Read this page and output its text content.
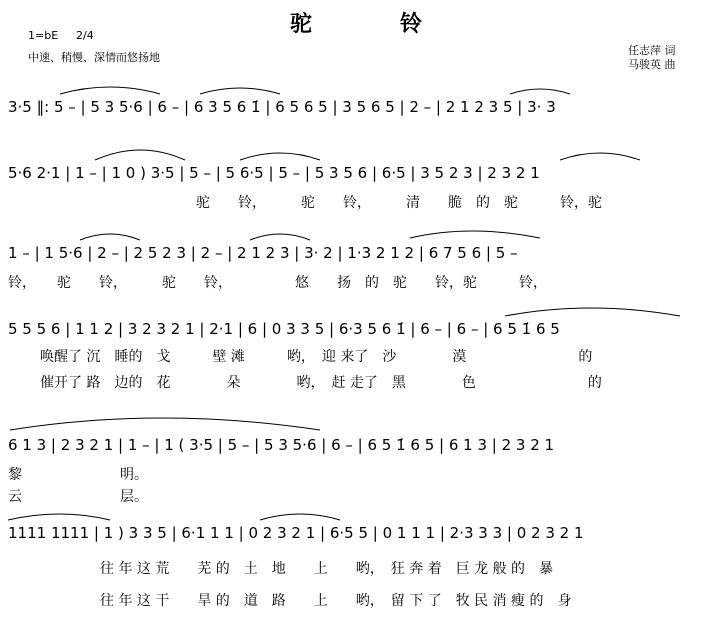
驼	铃
1=bE 2/4
中速、稍慢、深情而悠扬地
任志萍 词
马骏英 曲
3·5 ‖: 5 – | 5 3 5·6 | 6 – | 6 3 5 6 1̇ | 6 5 6 5 | 3 5 6 5 | 2 – | 2 1 2 3 5 | 3· 3
5·6 2·1 | 1 – | 1 0 ) 3·5 | 5 – | 5 6·5 | 5 – | 5 3 5 6 | 6·5 | 3 5 2 3 | 2 3 2 1
驼　　铃，　　　驼　　铃，　　　清　　脆　的　驼　　　铃，驼
1 – | 1 5·6 | 2 – | 2 5 2 3 | 2 – | 2 1 2 3 | 3· 2 | 1·3 2 1 2 | 6 7 5 6 | 5 –
铃，　　驼　　铃，　　　驼　　铃，　　　　　悠　　扬　的　驼　　铃，驼　　　铃，
5 5 5 6 | 1 1 2 | 3 2 3 2 1 | 2·1 | 6 | 0 3 3 5 | 6·3 5 6 1̇ | 6 – | 6 – | 6 5 1̇ 6 5
唤醒了 沉　睡的　戈　　　壁 滩　　　哟，　迎 来了　沙　　　　漠　　　　　　　　的
催开了 路　边的　花　　　　朵　　　　哟，　赶 走了　黑　　　　色　　　　　　　　的
6 1 3 | 2 3 2 1 | 1 – | 1 ( 3·5 | 5 – | 5 3 5·6 | 6 – | 6 5 1̇ 6 5 | 6 1 3 | 2 3 2 1
黎　　　　　　　明。
云　　　　　　　层。
1111 1111 | 1 ) 3 3 5 | 6·1 1 1 | 0 2 3 2 1 | 6·5 5 | 0 1 1 1 | 2·3 3 3 | 0 2 3 2 1
往 年 这 荒　　芜 的　土　地　　上　　哟，　狂 奔 着　巨 龙 般 的　暴
往 年 这 干　　旱 的　道　路　　上　　哟，　留 下 了　牧 民 消 瘦 的　身
